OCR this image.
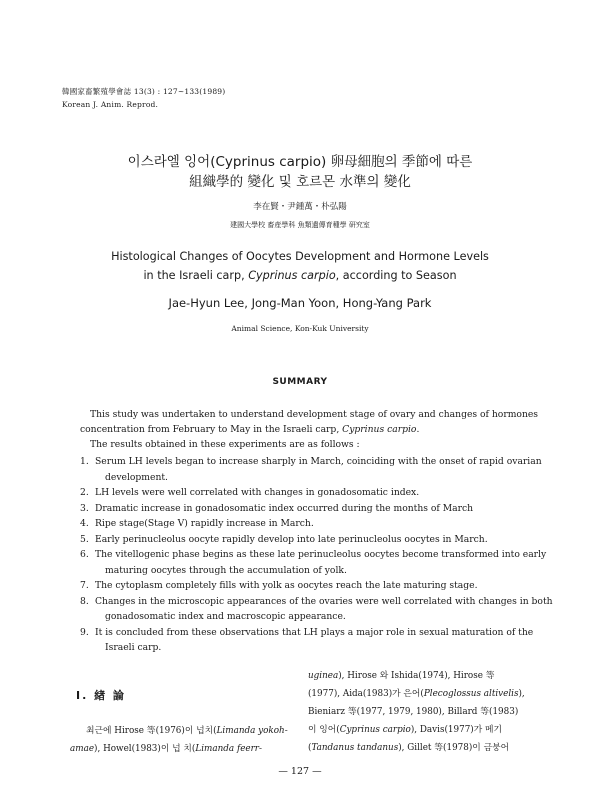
韓國家畜繁殖學會誌 13(3) : 127~133(1989)
Korean J. Anim. Reprod.
이스라엘 잉어(Cyprinus carpio) 卵母細胞의 季節에 따른
組織學的 變化 및 호르몬 水準의 變化
李在賢・尹鍾萬・朴弘陽
建國大學校 畜産學科 魚類遺傳育種學 研究室
Histological Changes of Oocytes Development and Hormone Levels
in the Israeli carp, Cyprinus carpio, according to Season
Jae-Hyun Lee, Jong-Man Yoon, Hong-Yang Park
Animal Science, Kon-Kuk University
SUMMARY
This study was undertaken to understand development stage of ovary and changes of hormones
concentration from February to May in the Israeli carp, Cyprinus carpio.
The results obtained in these experiments are as follows :
1. Serum LH levels began to increase sharply in March, coinciding with the onset of rapid ovarian
development.
2. LH levels were well correlated with changes in gonadosomatic index.
3. Dramatic increase in gonadosomatic index occurred during the months of March
4. Ripe stage(Stage V) rapidly increase in March.
5. Early perinucleolus oocyte rapidly develop into late perinucleolus oocytes in March.
6. The vitellogenic phase begins as these late perinucleolus oocytes become transformed into early
maturing oocytes through the accumulation of yolk.
7. The cytoplasm completely fills with yolk as oocytes reach the late maturing stage.
8. Changes in the microscopic appearances of the ovaries were well correlated with changes in both
gonadosomatic index and macroscopic appearance.
9. It is concluded from these observations that LH plays a major role in sexual maturation of the
Israeli carp.
I. 緖 論
최근에 Hirose 等(1976)이 넙치(Limanda yokoh-
amae), Howel(1983)이 넙 치(Limanda feerr-
uginea), Hirose 와 Ishida(1974), Hirose 等
(1977), Aida(1983)가 은어(Plecoglossus altivelis),
Bieniarz 等(1977, 1979, 1980), Billard 等(1983)
이 잉어(Cyprinus carpio), Davis(1977)가 메기
(Tandanus tandanus), Gillet 等(1978)이 금붕어
— 127 —
